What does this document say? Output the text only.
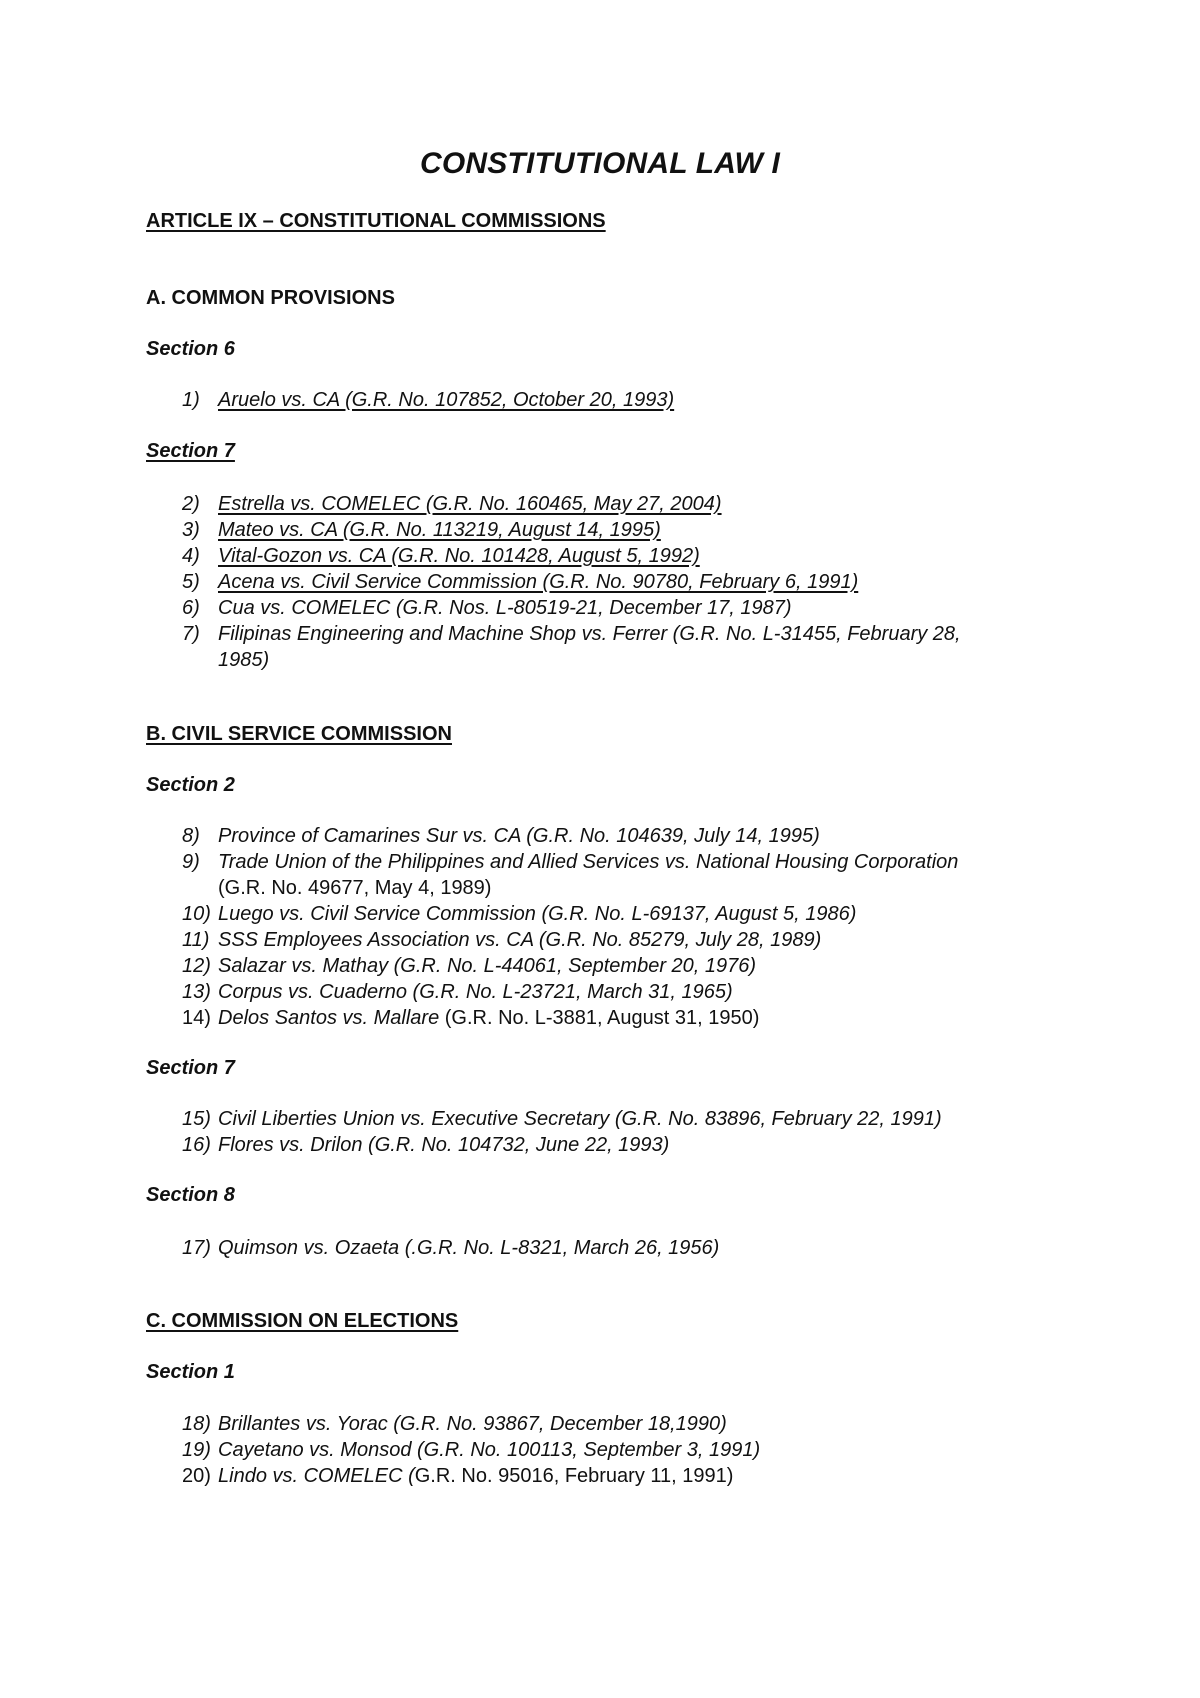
CONSTITUTIONAL LAW I
ARTICLE IX – CONSTITUTIONAL COMMISSIONS
A. COMMON PROVISIONS
Section 6
1) Aruelo vs. CA (G.R. No. 107852, October 20, 1993)
Section 7
2) Estrella vs. COMELEC (G.R. No. 160465, May 27, 2004)
3) Mateo vs. CA (G.R. No. 113219, August 14, 1995)
4) Vital-Gozon vs. CA (G.R. No. 101428, August 5, 1992)
5) Acena vs. Civil Service Commission (G.R. No. 90780, February 6, 1991)
6) Cua vs. COMELEC (G.R. Nos. L-80519-21, December 17, 1987)
7) Filipinas Engineering and Machine Shop vs. Ferrer (G.R. No. L-31455, February 28,
1985)
B. CIVIL SERVICE COMMISSION
Section 2
8) Province of Camarines Sur vs. CA (G.R. No. 104639, July 14, 1995)
9) Trade Union of the Philippines and Allied Services vs. National Housing Corporation
(G.R. No. 49677, May 4, 1989)
10) Luego vs. Civil Service Commission (G.R. No. L-69137, August 5, 1986)
11) SSS Employees Association vs. CA (G.R. No. 85279, July 28, 1989)
12) Salazar vs. Mathay (G.R. No. L-44061, September 20, 1976)
13) Corpus vs. Cuaderno (G.R. No. L-23721, March 31, 1965)
14) Delos Santos vs. Mallare (G.R. No. L-3881, August 31, 1950)
Section 7
15) Civil Liberties Union vs. Executive Secretary (G.R. No. 83896, February 22, 1991)
16) Flores vs. Drilon (G.R. No. 104732, June 22, 1993)
Section 8
17) Quimson vs. Ozaeta (.G.R. No. L-8321, March 26, 1956)
C. COMMISSION ON ELECTIONS
Section 1
18) Brillantes vs. Yorac (G.R. No. 93867, December 18,1990)
19) Cayetano vs. Monsod (G.R. No. 100113, September 3, 1991)
20) Lindo vs. COMELEC (G.R. No. 95016, February 11, 1991)
